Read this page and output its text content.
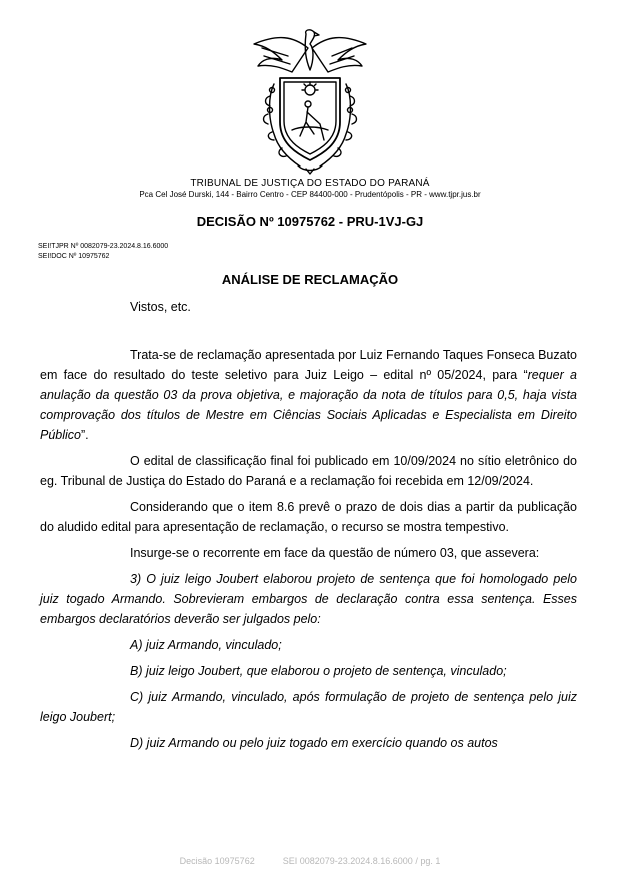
TRIBUNAL DE JUSTIÇA DO ESTADO DO PARANÁ
Pca Cel José Durski, 144 - Bairro Centro - CEP 84400-000 - Prudentópolis - PR - www.tjpr.jus.br
DECISÃO Nº 10975762 - PRU-1VJ-GJ
SEI!TJPR Nº 0082079-23.2024.8.16.6000
SEI!DOC Nº 10975762
ANÁLISE DE RECLAMAÇÃO

Vistos, etc.

Trata-se de reclamação apresentada por Luiz Fernando Taques Fonseca Buzato em face do resultado do teste seletivo para Juiz Leigo – edital nº 05/2024, para “requer a anulação da questão 03 da prova objetiva, e majoração da nota de títulos para 0,5, haja vista comprovação dos títulos de Mestre em Ciências Sociais Aplicadas e Especialista em Direito Público”.

O edital de classificação final foi publicado em 10/09/2024 no sítio eletrônico do eg. Tribunal de Justiça do Estado do Paraná e a reclamação foi recebida em 12/09/2024.

Considerando que o item 8.6 prevê o prazo de dois dias a partir da publicação do aludido edital para apresentação de reclamação, o recurso se mostra tempestivo.

Insurge-se o recorrente em face da questão de número 03, que assevera:

3) O juiz leigo Joubert elaborou projeto de sentença que foi homologado pelo juiz togado Armando. Sobrevieram embargos de declaração contra essa sentença. Esses embargos declaratórios deverão ser julgados pelo:

A) juiz Armando, vinculado;

B) juiz leigo Joubert, que elaborou o projeto de sentença, vinculado;

C) juiz Armando, vinculado, após formulação de projeto de sentença pelo juiz leigo Joubert;

D) juiz Armando ou pelo juiz togado em exercício quando os autos

Decisão 10975762	SEI 0082079-23.2024.8.16.6000 / pg. 1
